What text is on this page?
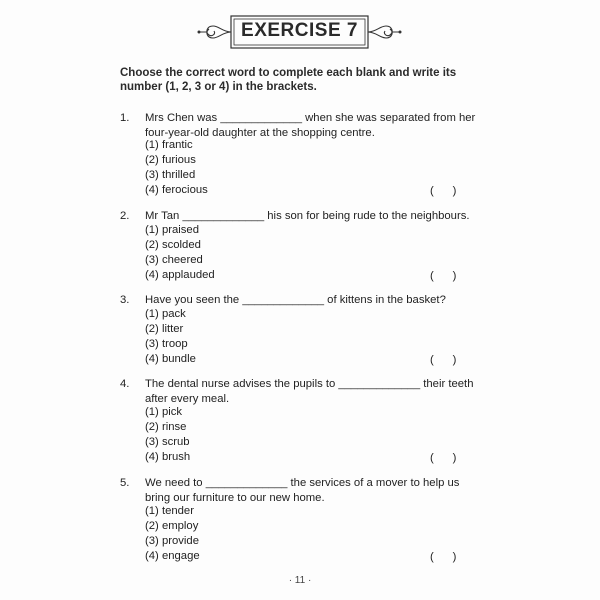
EXERCISE 7
Choose the correct word to complete each blank and write its number (1, 2, 3 or 4) in the brackets.
1.	Mrs Chen was _____________ when she was separated from her
four-year-old daughter at the shopping centre.
(1) frantic
(2) furious
(3) thrilled
(4) ferocious	(      )
2.	Mr Tan _____________ his son for being rude to the neighbours.
(1) praised
(2) scolded
(3) cheered
(4) applauded	(      )
3.	Have you seen the _____________ of kittens in the basket?
(1) pack
(2) litter
(3) troop
(4) bundle	(      )
4.	The dental nurse advises the pupils to _____________ their teeth
after every meal.
(1) pick
(2) rinse
(3) scrub
(4) brush	(      )
5.	We need to _____________ the services of a mover to help us
bring our furniture to our new home.
(1) tender
(2) employ
(3) provide
(4) engage	(      )
· 11 ·
